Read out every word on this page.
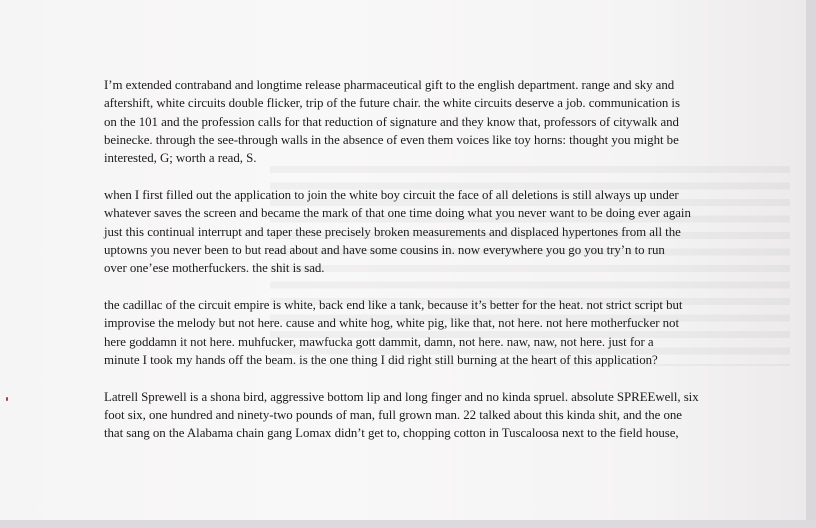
I’m extended contraband and longtime release pharmaceutical gift to the english department. range and sky and
aftershift, white circuits double flicker, trip of the future chair. the white circuits deserve a job. communication is
on the 101 and the profession calls for that reduction of signature and they know that, professors of citywalk and
beinecke. through the see-through walls in the absence of even them voices like toy horns: thought you might be
interested, G; worth a read, S.

when I first filled out the application to join the white boy circuit the face of all deletions is still always up under
whatever saves the screen and became the mark of that one time doing what you never want to be doing ever again
just this continual interrupt and taper these precisely broken measurements and displaced hypertones from all the
uptowns you never been to but read about and have some cousins in. now everywhere you go you try’n to run
over one’ese motherfuckers. the shit is sad.

the cadillac of the circuit empire is white, back end like a tank, because it’s better for the heat. not strict script but
improvise the melody but not here. cause and white hog, white pig, like that, not here. not here motherfucker not
here goddamn it not here. muhfucker, mawfucka gott dammit, damn, not here. naw, naw, not here. just for a
minute I took my hands off the beam. is the one thing I did right still burning at the heart of this application?

Latrell Sprewell is a shona bird, aggressive bottom lip and long finger and no kinda spruel. absolute SPREEwell, six
foot six, one hundred and ninety-two pounds of man, full grown man. 22 talked about this kinda shit, and the one
that sang on the Alabama chain gang Lomax didn’t get to, chopping cotton in Tuscaloosa next to the field house,
